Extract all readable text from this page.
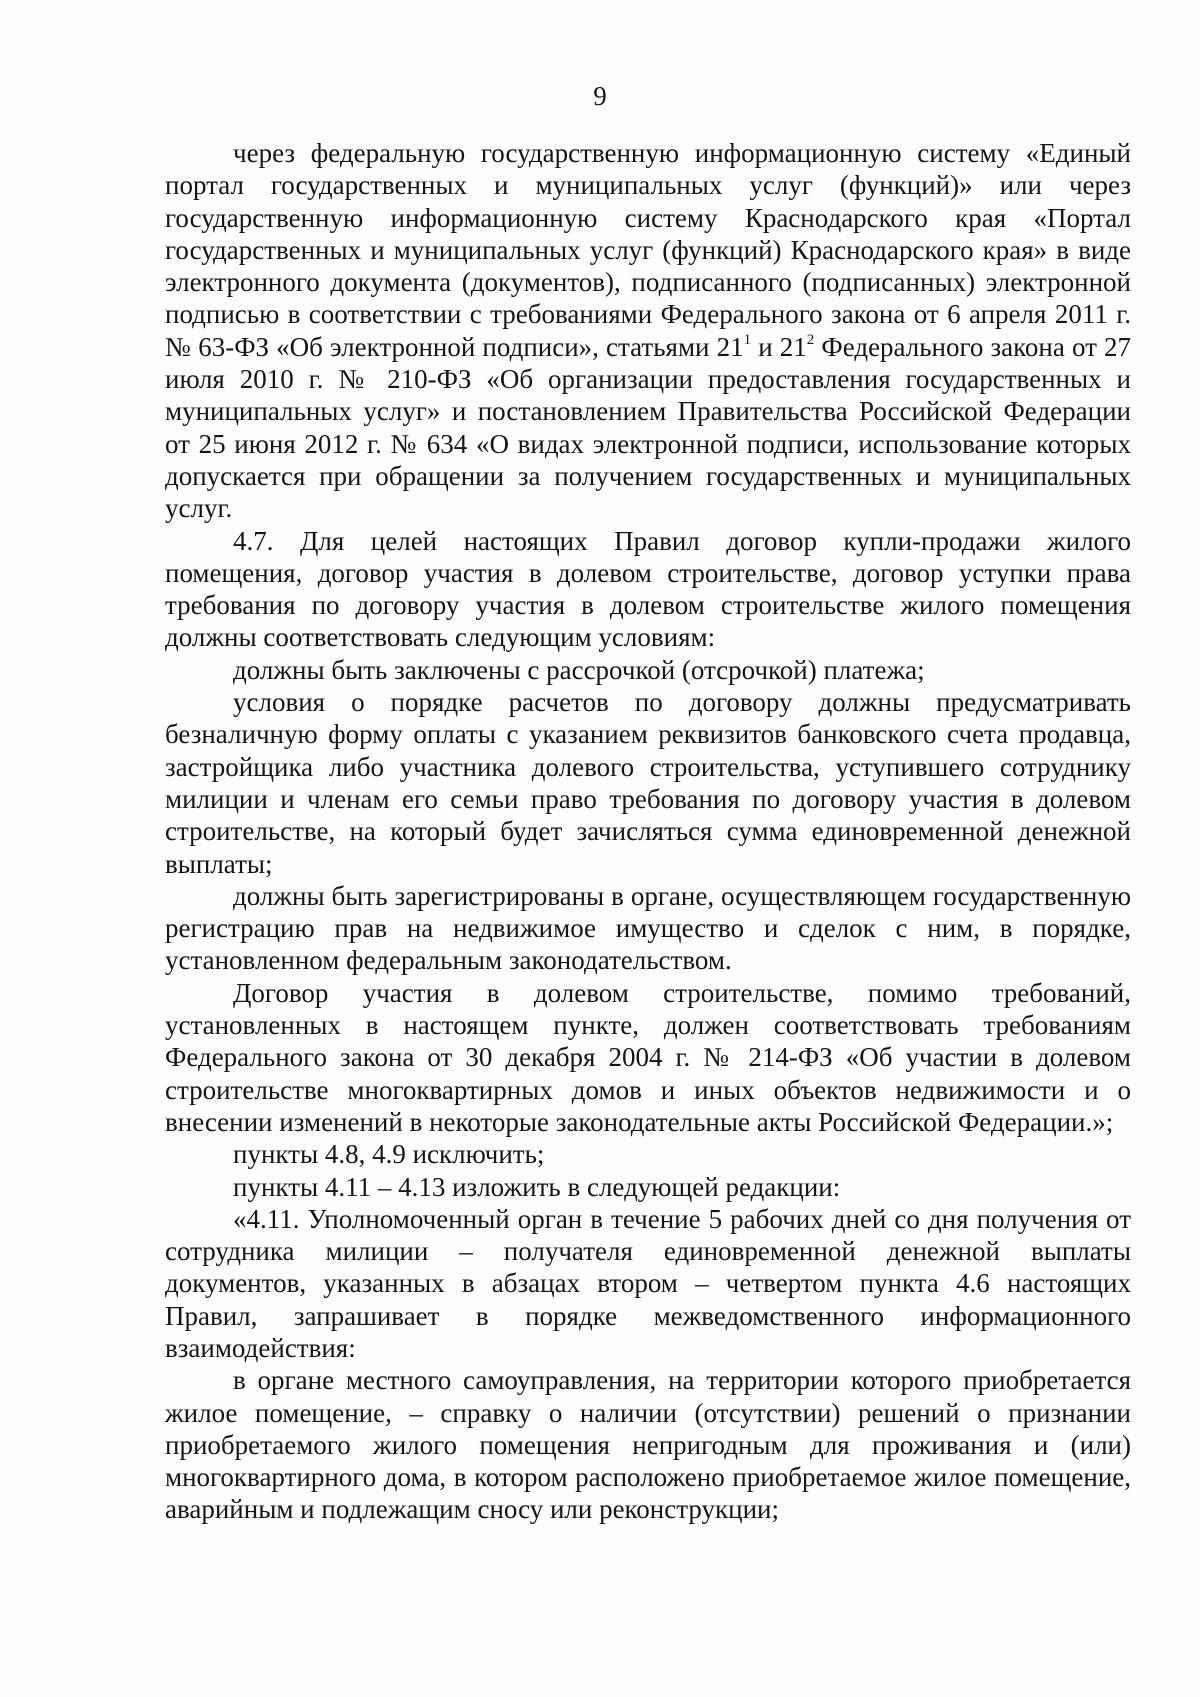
9

через федеральную государственную информационную систему «Единый портал государственных и муниципальных услуг (функций)» или через государственную информационную систему Краснодарского края «Портал государственных и муниципальных услуг (функций) Краснодарского края» в виде электронного документа (документов), подписанного (подписанных) электронной подписью в соответствии с требованиями Федерального закона от 6 апреля 2011 г. № 63-ФЗ «Об электронной подписи», статьями $21^1$ и $21^2$ Федерального закона от 27 июля 2010 г. № 210-ФЗ «Об организации предоставления государственных и муниципальных услуг» и постановлением Правительства Российской Федерации от 25 июня 2012 г. № 634 «О видах электронной подписи, использование которых допускается при обращении за получением государственных и муниципальных услуг.

4.7. Для целей настоящих Правил договор купли-продажи жилого помещения, договор участия в долевом строительстве, договор уступки права требования по договору участия в долевом строительстве жилого помещения должны соответствовать следующим условиям:

должны быть заключены с рассрочкой (отсрочкой) платежа;

условия о порядке расчетов по договору должны предусматривать безналичную форму оплаты с указанием реквизитов банковского счета продавца, застройщика либо участника долевого строительства, уступившего сотруднику милиции и членам его семьи право требования по договору участия в долевом строительстве, на который будет зачисляться сумма единовременной денежной выплаты;

должны быть зарегистрированы в органе, осуществляющем государственную регистрацию прав на недвижимое имущество и сделок с ним, в порядке, установленном федеральным законодательством.

Договор участия в долевом строительстве, помимо требований, установленных в настоящем пункте, должен соответствовать требованиям Федерального закона от 30 декабря 2004 г. № 214-ФЗ «Об участии в долевом строительстве многоквартирных домов и иных объектов недвижимости и о внесении изменений в некоторые законодательные акты Российской Федерации.»;

пункты 4.8, 4.9 исключить;

пункты 4.11 – 4.13 изложить в следующей редакции:

«4.11. Уполномоченный орган в течение 5 рабочих дней со дня получения от сотрудника милиции – получателя единовременной денежной выплаты документов, указанных в абзацах втором – четвертом пункта 4.6 настоящих Правил, запрашивает в порядке межведомственного информационного взаимодействия:

в органе местного самоуправления, на территории которого приобретается жилое помещение, – справку о наличии (отсутствии) решений о признании приобретаемого жилого помещения непригодным для проживания и (или) многоквартирного дома, в котором расположено приобретаемое жилое помещение, аварийным и подлежащим сносу или реконструкции;
